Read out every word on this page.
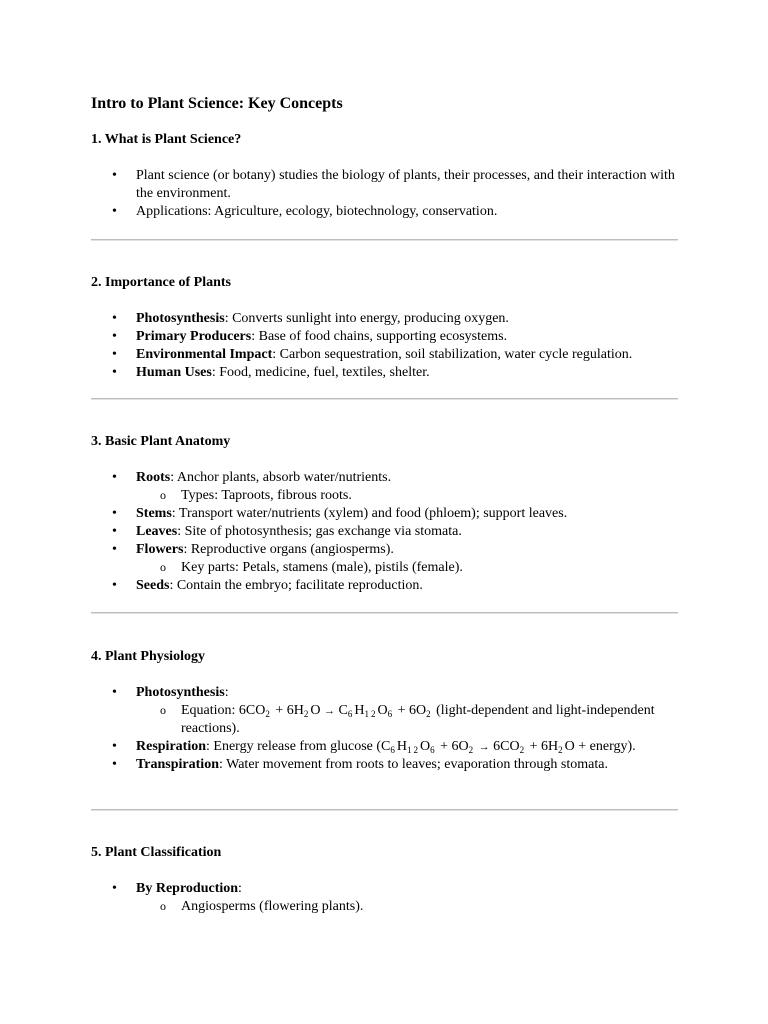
Intro to Plant Science: Key Concepts

1. What is Plant Science?

• Plant science (or botany) studies the biology of plants, their processes, and their interaction with the environment.
• Applications: Agriculture, ecology, biotechnology, conservation.

2. Importance of Plants

• Photosynthesis: Converts sunlight into energy, producing oxygen.
• Primary Producers: Base of food chains, supporting ecosystems.
• Environmental Impact: Carbon sequestration, soil stabilization, water cycle regulation.
• Human Uses: Food, medicine, fuel, textiles, shelter.

3. Basic Plant Anatomy

• Roots: Anchor plants, absorb water/nutrients.
o Types: Taproots, fibrous roots.
• Stems: Transport water/nutrients (xylem) and food (phloem); support leaves.
• Leaves: Site of photosynthesis; gas exchange via stomata.
• Flowers: Reproductive organs (angiosperms).
o Key parts: Petals, stamens (male), pistils (female).
• Seeds: Contain the embryo; facilitate reproduction.

4. Plant Physiology

• Photosynthesis:
o Equation: $6CO_2 + 6H_2O \to C_6H_{12}O_6 + 6O_2$ (light-dependent and light-independent reactions).
• Respiration: Energy release from glucose ($C_6H_{12}O_6 + 6O_2 \to 6CO_2 + 6H_2O$ + energy).
• Transpiration: Water movement from roots to leaves; evaporation through stomata.

5. Plant Classification

• By Reproduction:
o Angiosperms (flowering plants).
